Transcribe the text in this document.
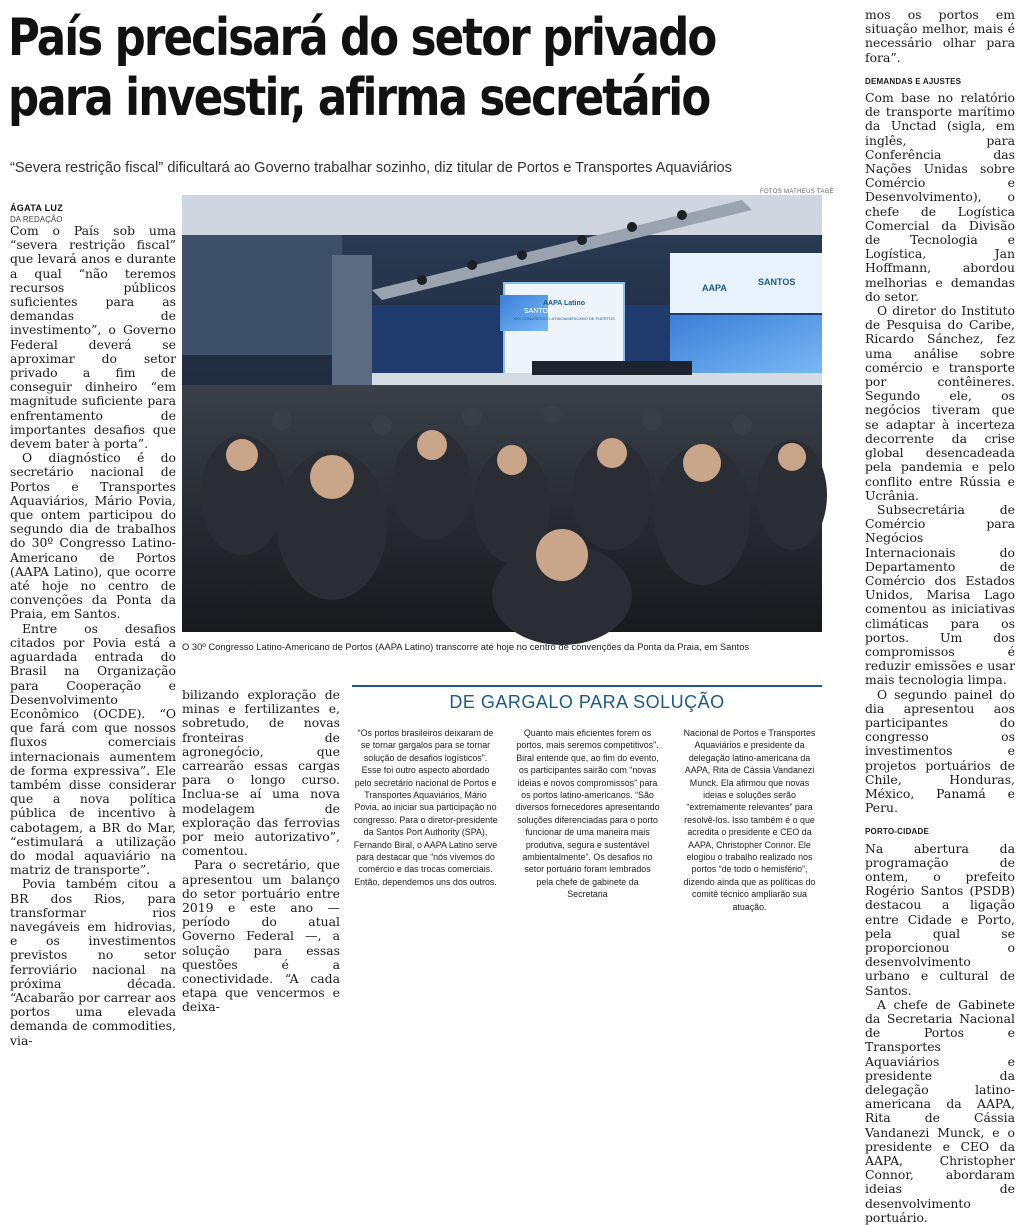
País precisará do setor privado para investir, afirma secretário
“Severa restrição fiscal” dificultará ao Governo trabalhar sozinho, diz titular de Portos e Transportes Aquaviários
ÁGATA LUZ
DA REDAÇÃO
FOTOS MATHEUS TAGÉ

Com o País sob uma “severa restrição fiscal” que levará anos e durante a qual “não teremos recursos públicos suficientes para as demandas de investimento”, o Governo Federal deverá se aproximar do setor privado a fim de conseguir dinheiro “em magnitude suficiente para enfrentamento de importantes desafios que devem bater à porta”.

O diagnóstico é do secretário nacional de Portos e Transportes Aquaviários, Mário Povia, que ontem participou do segundo dia de trabalhos do 30º Congresso Latino-Americano de Portos (AAPA Latino), que ocorre até hoje no centro de convenções da Ponta da Praia, em Santos.

Entre os desafios citados por Povia está a aguardada entrada do Brasil na Organização para Cooperação e Desenvolvimento Econômico (OCDE). “O que fará com que nossos fluxos comerciais internacionais aumentem de forma expressiva”. Ele também disse considerar que a nova política pública de incentivo à cabotagem, a BR do Mar, “estimulará a utilização do modal aquaviário na matriz de transporte”.

Povia também citou a BR dos Rios, para transformar rios navegáveis em hidrovias, e os investimentos previstos no setor ferroviário nacional na próxima década. “Acabarão por carrear aos portos uma elevada demanda de commodities, via-

SANTOS
AAPA Latino
XXX CONGRESSO LATINOAMERICANO DE PUERTOS
AAPA
SANTOS
O 30º Congresso Latino-Americano de Portos (AAPA Latino) transcorre até hoje no centro de convenções da Ponta da Praia, em Santos

bilizando exploração de minas e fertilizantes e, sobretudo, de novas fronteiras de agronegócio, que carrearão essas cargas para o longo curso. Inclua-se aí uma nova modelagem de exploração das ferrovias por meio autorizativo”, comentou.

Para o secretário, que apresentou um balanço do setor portuário entre 2019 e este ano — período do atual Governo Federal —, a solução para essas questões é a conectividade. “A cada etapa que vencermos e deixa-

DE GARGALO PARA SOLUÇÃO
“Os portos brasileiros deixaram de se tornar gargalos para se tornar solução de desafios logísticos”. Esse foi outro aspecto abordado pelo secretário nacional de Portos e Transportes Aquaviários, Mário Povia, ao iniciar sua participação no congresso. Para o diretor-presidente da Santos Port Authority (SPA), Fernando Biral, o AAPA Latino serve para destacar que “nós vivemos do comércio e das trocas comerciais. Então, dependemos uns dos outros.
Quanto mais eficientes forem os portos, mais seremos competitivos”. Biral entende que, ao fim do evento, os participantes sairão com “novas ideias e novos compromissos” para os portos latino-americanos. “São diversos fornecedores apresentando soluções diferenciadas para o porto funcionar de uma maneira mais produtiva, segura e sustentável ambientalmente”. Os desafios no setor portuário foram lembrados pela chefe de gabinete da Secretaria
Nacional de Portos e Transportes Aquaviários e presidente da delegação latino-americana da AAPA, Rita de Cássia Vandanezi Munck. Ela afirmou que novas ideias e soluções serão “extremamente relevantes” para resolvê-los. Isso também é o que acredita o presidente e CEO da AAPA, Christopher Connor. Ele elogiou o trabalho realizado nos portos “de todo o hemisfério”, dizendo ainda que as políticas do comitê técnico ampliarão sua atuação.

mos os portos em situação melhor, mais é necessário olhar para fora”.

DEMANDAS E AJUSTES

Com base no relatório de transporte marítimo da Unctad (sigla, em inglês, para Conferência das Nações Unidas sobre Comércio e Desenvolvimento), o chefe de Logística Comercial da Divisão de Tecnologia e Logística, Jan Hoffmann, abordou melhorias e demandas do setor.

O diretor do Instituto de Pesquisa do Caribe, Ricardo Sánchez, fez uma análise sobre comércio e transporte por contêineres. Segundo ele, os negócios tiveram que se adaptar à incerteza decorrente da crise global desencadeada pela pandemia e pelo conflito entre Rússia e Ucrânia.

Subsecretária de Comércio para Negócios Internacionais do Departamento de Comércio dos Estados Unidos, Marisa Lago comentou as iniciativas climáticas para os portos. Um dos compromissos é reduzir emissões e usar mais tecnologia limpa.

O segundo painel do dia apresentou aos participantes do congresso os investimentos e projetos portuários de Chile, Honduras, México, Panamá e Peru.

PORTO-CIDADE

Na abertura da programação de ontem, o prefeito Rogério Santos (PSDB) destacou a ligação entre Cidade e Porto, pela qual se proporcionou o desenvolvimento urbano e cultural de Santos.

A chefe de Gabinete da Secretaria Nacional de Portos e Transportes Aquaviários e presidente da delegação latino-americana da AAPA, Rita de Cássia Vandanezi Munck, e o presidente e CEO da AAPA, Christopher Connor, abordaram ideias de desenvolvimento portuário.
